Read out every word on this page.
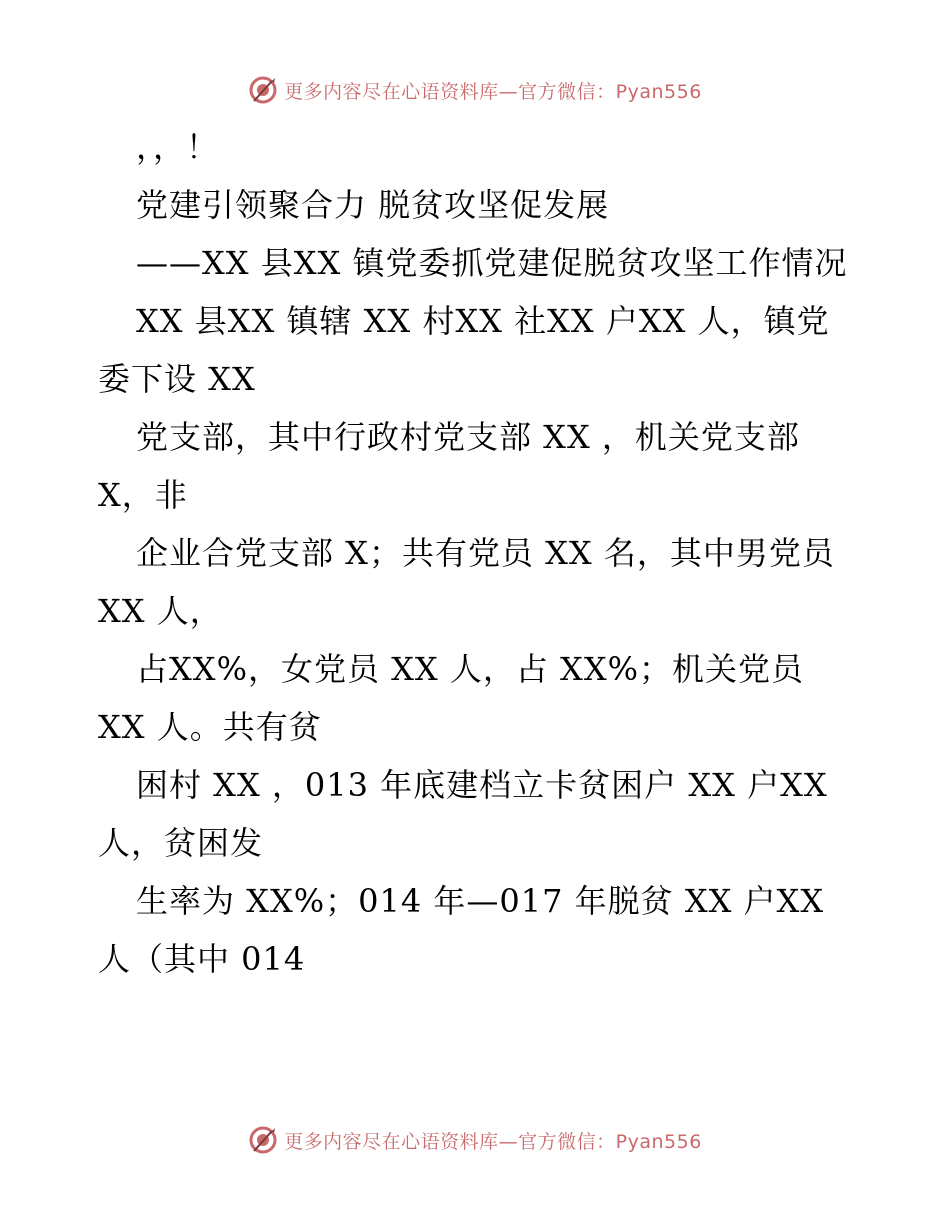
更多内容尽在心语资料库—官方微信：Pyan556

，，！

党建引领聚合力 脱贫攻坚促发展

——XX 县XX 镇党委抓党建促脱贫攻坚工作情况

XX 县XX 镇辖 XX 村XX 社XX 户XX 人，镇党委下设 XX

党支部，其中行政村党支部 XX ，机关党支部 X，非

企业合党支部 X；共有党员 XX 名，其中男党员 XX 人，

占XX%，女党员 XX 人，占 XX%；机关党员 XX 人。共有贫

困村 XX ，013 年底建档立卡贫困户 XX 户XX 人，贫困发

生率为 XX%；014 年—017 年脱贫 XX 户XX 人（其中 014

更多内容尽在心语资料库—官方微信：Pyan556
